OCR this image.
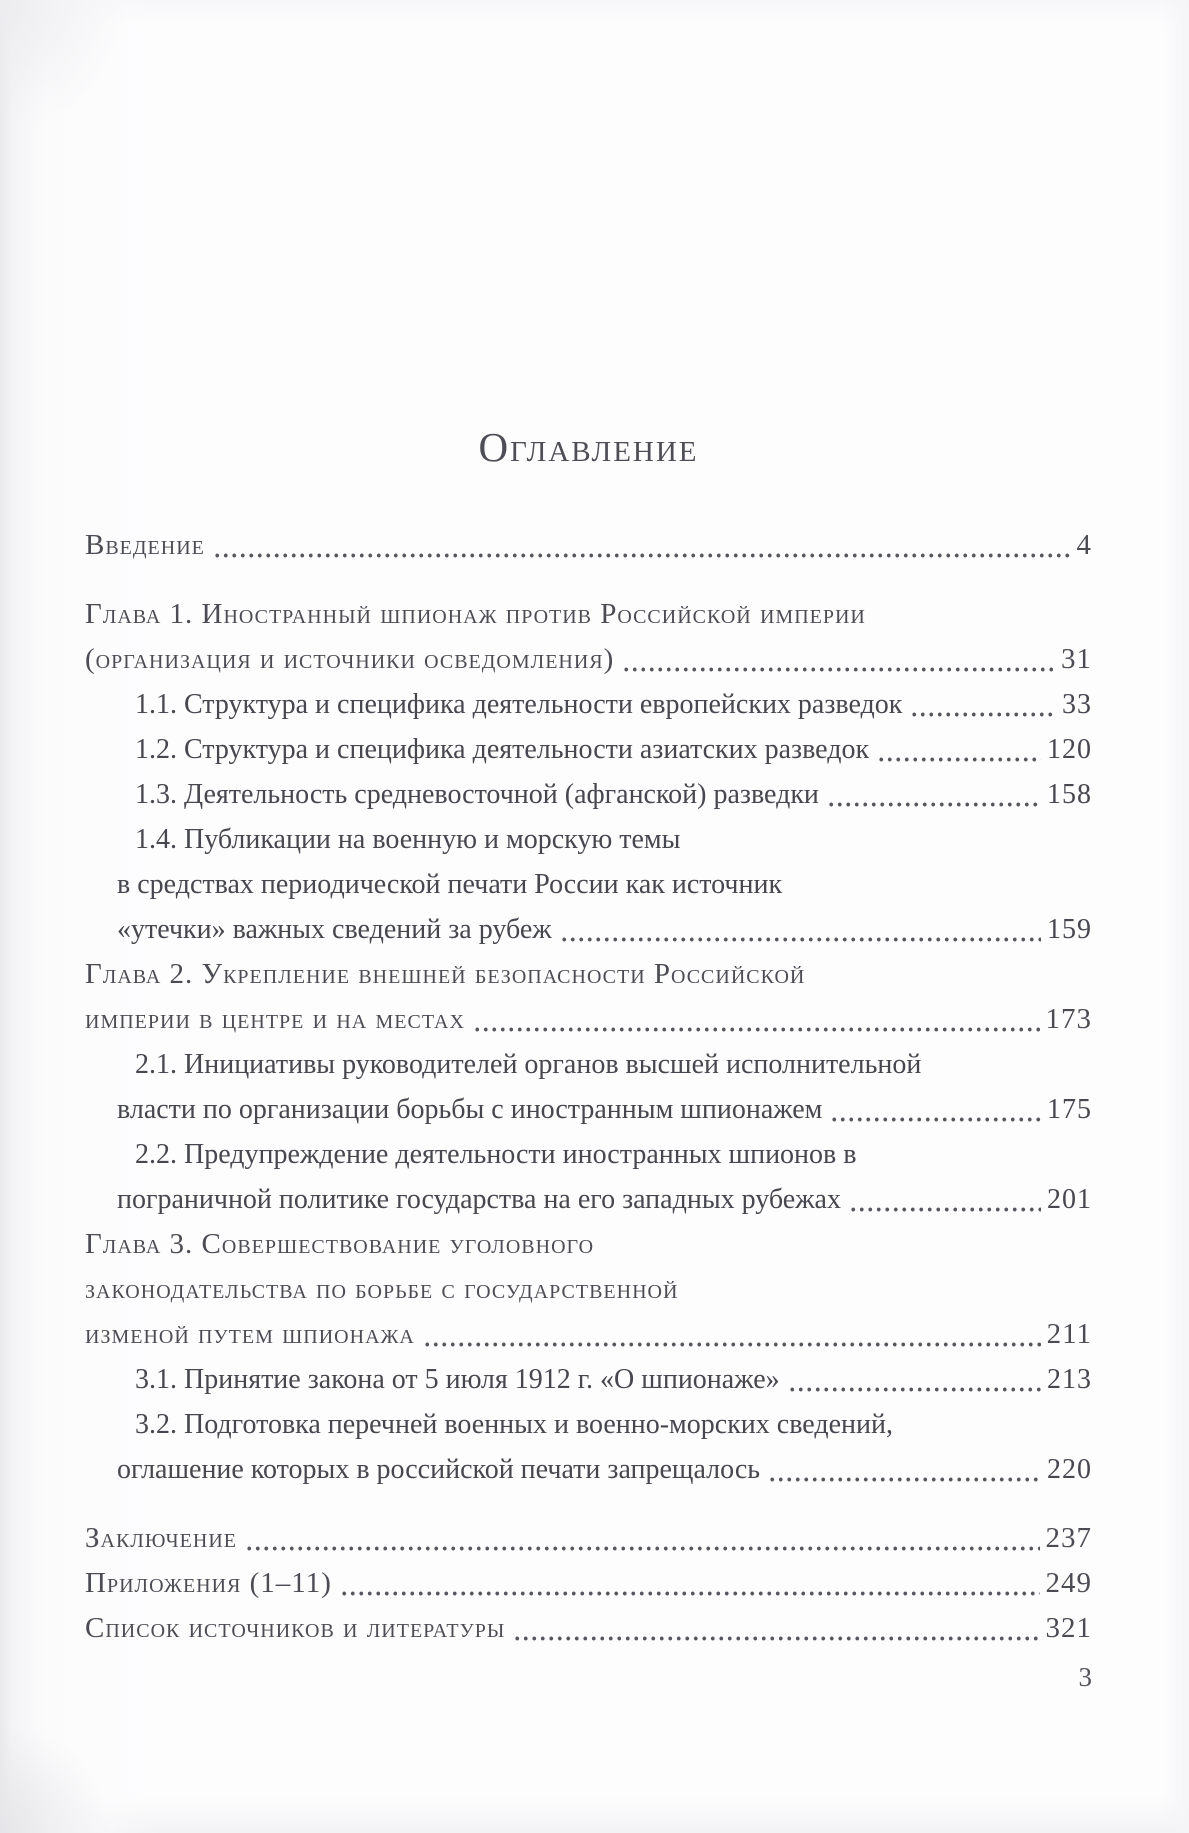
Оглавление
Введение	4
Глава 1. Иностранный шпионаж против Российской империи
(организация и источники осведомления)	31
1.1. Структура и специфика деятельности европейских разведок	33
1.2. Структура и специфика деятельности азиатских разведок	120
1.3. Деятельность средневосточной (афганской) разведки	158
1.4. Публикации на военную и морскую темы
в средствах периодической печати России как источник
«утечки» важных сведений за рубеж	159
Глава 2. Укрепление внешней безопасности Российской
империи в центре и на местах	173
2.1. Инициативы руководителей органов высшей исполнительной
власти по организации борьбы с иностранным шпионажем	175
2.2. Предупреждение деятельности иностранных шпионов в
пограничной политике государства на его западных рубежах	201
Глава 3. Совершествование уголовного
законодательства по борьбе с государственной
изменой путем шпионажа	211
3.1. Принятие закона от 5 июля 1912 г. «О шпионаже»	213
3.2. Подготовка перечней военных и военно-морских сведений,
оглашение которых в российской печати запрещалось	220
Заключение	237
Приложения (1–11)	249
Список источников и литературы	321
3
